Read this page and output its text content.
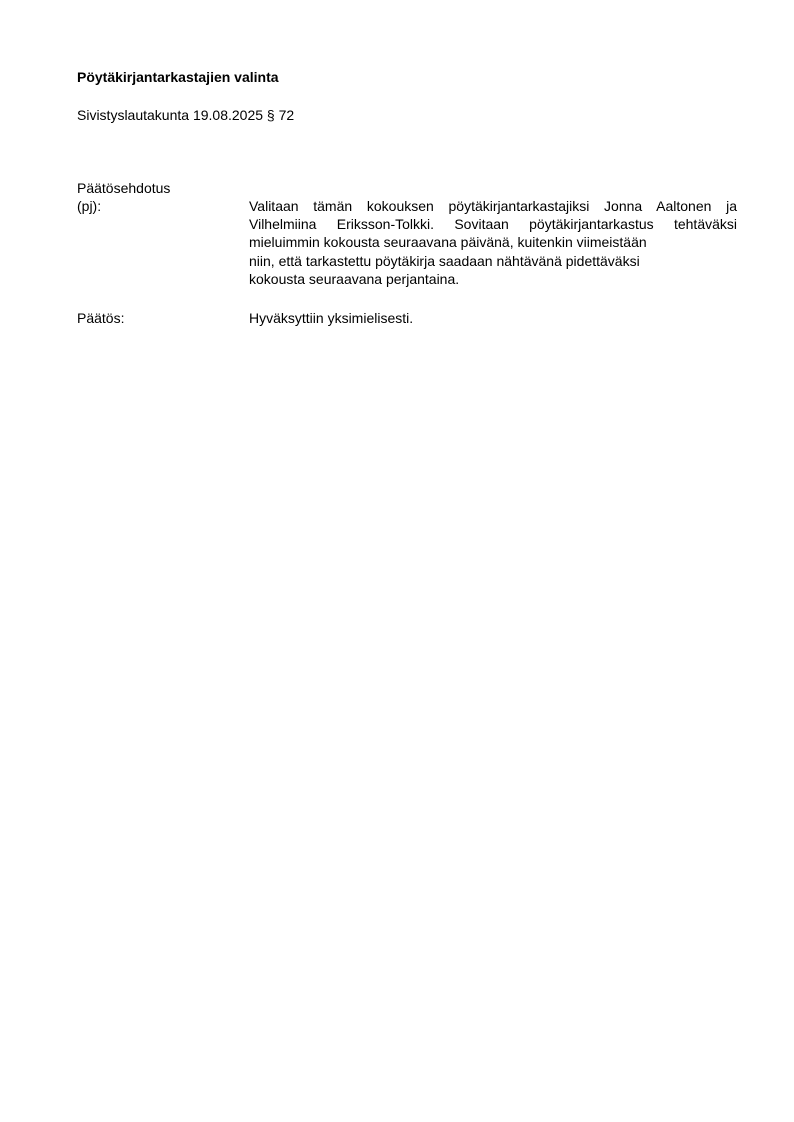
Pöytäkirjantarkastajien valinta
Sivistyslautakunta 19.08.2025 § 72
Päätösehdotus
(pj):	Valitaan tämän kokouksen pöytäkirjantarkastajiksi Jonna Aaltonen ja
Vilhelmiina Eriksson-Tolkki. Sovitaan pöytäkirjantarkastus tehtäväksi
mieluimmin kokousta seuraavana päivänä, kuitenkin viimeistään
niin, että tarkastettu pöytäkirja saadaan nähtävänä pidettäväksi
kokousta seuraavana perjantaina.
Päätös:	Hyväksyttiin yksimielisesti.
